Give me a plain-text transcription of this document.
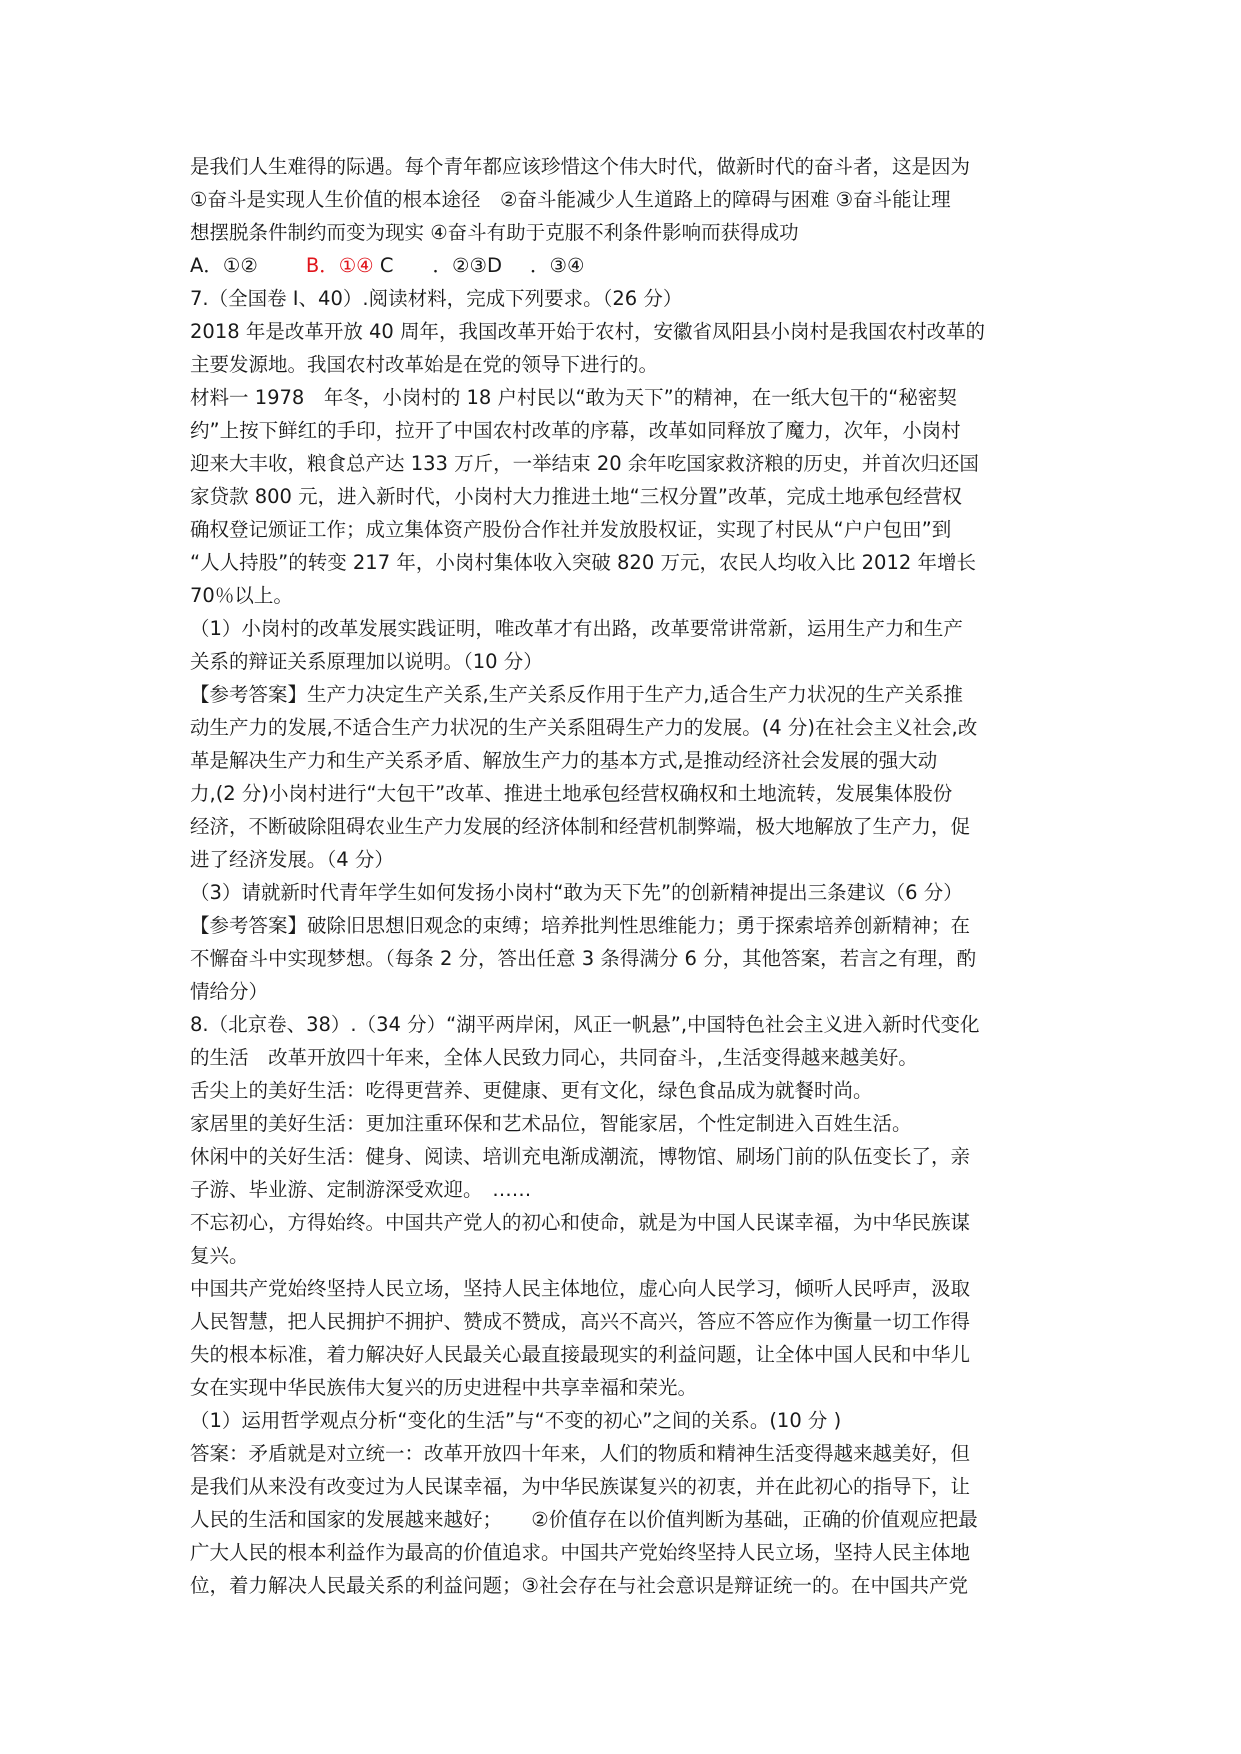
是我们人生难得的际遇。每个青年都应该珍惜这个伟大时代，做新时代的奋斗者，这是因为
①奋斗是实现人生价值的根本途径　②奋斗能减少人生道路上的障碍与困难 ③奋斗能让理
想摆脱条件制约而变为现实 ④奋斗有助于克服不利条件影响而获得成功
A．①② B．①④ C　　．②③D ．③④
7.（全国卷 I、40）.阅读材料，完成下列要求。（26 分）
2018 年是改革开放 40 周年，我国改革开始于农村，安徽省凤阳县小岗村是我国农村改革的
主要发源地。我国农村改革始是在党的领导下进行的。
材料一 1978　年冬，小岗村的 18 户村民以“敢为天下”的精神，在一纸大包干的“秘密契
约”上按下鲜红的手印，拉开了中国农村改革的序幕，改革如同释放了魔力，次年，小岗村
迎来大丰收，粮食总产达 133 万斤，一举结束 20 余年吃国家救济粮的历史，并首次归还国
家贷款 800 元，进入新时代，小岗村大力推进土地“三权分置”改革，完成土地承包经营权
确权登记颁证工作；成立集体资产股份合作社并发放股权证，实现了村民从“户户包田”到
“人人持股”的转变 217 年，小岗村集体收入突破 820 万元，农民人均收入比 2012 年增长
70％以上。
（1）小岗村的改革发展实践证明，唯改革才有出路，改革要常讲常新，运用生产力和生产
关系的辩证关系原理加以说明。（10 分）
【参考答案】生产力决定生产关系,生产关系反作用于生产力,适合生产力状况的生产关系推
动生产力的发展,不适合生产力状况的生产关系阻碍生产力的发展。(4 分)在社会主义社会,改
革是解决生产力和生产关系矛盾、解放生产力的基本方式,是推动经济社会发展的强大动
力,(2 分)小岗村进行“大包干”改革、推进土地承包经营权确权和土地流转，发展集体股份
经济，不断破除阻碍农业生产力发展的经济体制和经营机制弊端，极大地解放了生产力，促
进了经济发展。（4 分）
（3）请就新时代青年学生如何发扬小岗村“敢为天下先”的创新精神提出三条建议（6 分）
【参考答案】破除旧思想旧观念的束缚；培养批判性思维能力；勇于探索培养创新精神；在
不懈奋斗中实现梦想。（每条 2 分，答出任意 3 条得满分 6 分，其他答案，若言之有理，酌
情给分）
8.（北京卷、38）.（34 分）“湖平两岸闲，风正一帆悬”,中国特色社会主义进入新时代变化
的生活　改革开放四十年来，全体人民致力同心，共同奋斗，,生活变得越来越美好。
舌尖上的美好生活：吃得更营养、更健康、更有文化，绿色食品成为就餐时尚。
家居里的美好生活：更加注重环保和艺术品位，智能家居，个性定制进入百姓生活。
休闲中的关好生活：健身、阅读、培训充电渐成潮流，博物馆、刷场门前的队伍变长了，亲
子游、毕业游、定制游深受欢迎。　……
不忘初心，方得始终。中国共产党人的初心和使命，就是为中国人民谋幸福，为中华民族谋
复兴。
中国共产党始终坚持人民立场，坚持人民主体地位，虚心向人民学习，倾听人民呼声，汲取
人民智慧，把人民拥护不拥护、赞成不赞成，高兴不高兴，答应不答应作为衡量一切工作得
失的根本标准，着力解决好人民最关心最直接最现实的利益问题，让全体中国人民和中华儿
女在实现中华民族伟大复兴的历史进程中共享幸福和荣光。
（1）运用哲学观点分析“变化的生活”与“不变的初心”之间的关系。(10 分 )
答案：矛盾就是对立统一：改革开放四十年来，人们的物质和精神生活变得越来越美好，但
是我们从来没有改变过为人民谋幸福，为中华民族谋复兴的初衷，并在此初心的指导下，让
人民的生活和国家的发展越来越好；　　②价值存在以价值判断为基础，正确的价值观应把最
广大人民的根本利益作为最高的价值追求。中国共产党始终坚持人民立场，坚持人民主体地
位，着力解决人民最关系的利益问题；③社会存在与社会意识是辩证统一的。在中国共产党
